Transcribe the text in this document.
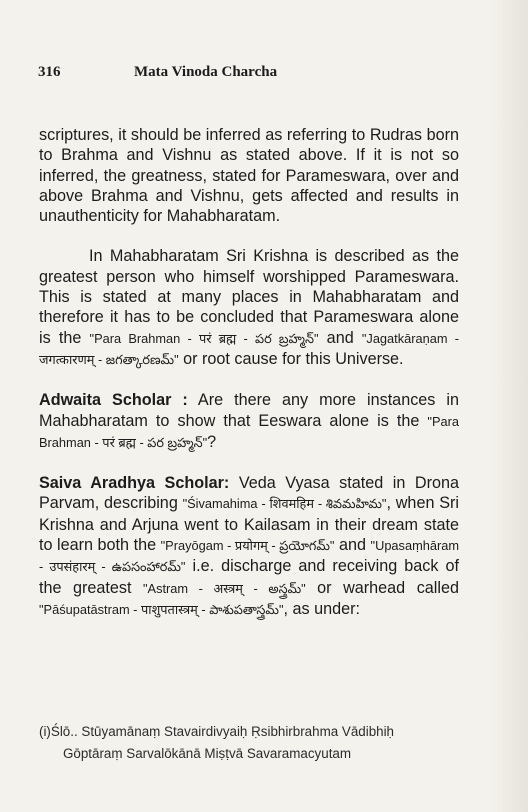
316	Mata Vinoda Charcha

scriptures, it should be inferred as referring to Rudras born to Brahma and Vishnu as stated above. If it is not so inferred, the greatness, stated for Parameswara, over and above Brahma and Vishnu, gets affected and results in unauthenticity for Mahabharatam.

In Mahabharatam Sri Krishna is described as the greatest person who himself worshipped Parameswara. This is stated at many places in Mahabharatam and therefore it has to be concluded that Parameswara alone is the "Para Brahman - परं ब्रह्म - పర బ్రహ్మన్" and "Jagatkāraṇam - जगत्कारणम् - జగత్కారణమ్" or root cause for this Universe.

Adwaita Scholar : Are there any more instances in Mahabharatam to show that Eeswara alone is the "Para Brahman - परं ब्रह्म - పర బ్రహ్మన్"?

Saiva Aradhya Scholar: Veda Vyasa stated in Drona Parvam, describing "Śivamahima - शिवमहिम - శివమహిమ", when Sri Krishna and Arjuna went to Kailasam in their dream state to learn both the "Prayōgam - प्रयोगम् - ప్రయోగమ్" and "Upasaṃhāram - उपसंहारम् - ఉపసంహారమ్" i.e. discharge and receiving back of the greatest "Astram - अस्त्रम् - అస్త్రమ్" or warhead called "Pāśupatāstram - पाशुपतास्त्रम् - పాశుపతాస్త్రమ్", as under:

(i)Ślō.. Stūyamānaṃ Stavairdivyaiḥ Ṛsibhirbrahma Vādibhiḥ
Gōptāraṃ Sarvalōkānā Miṣṭvā Savaramacyutam
